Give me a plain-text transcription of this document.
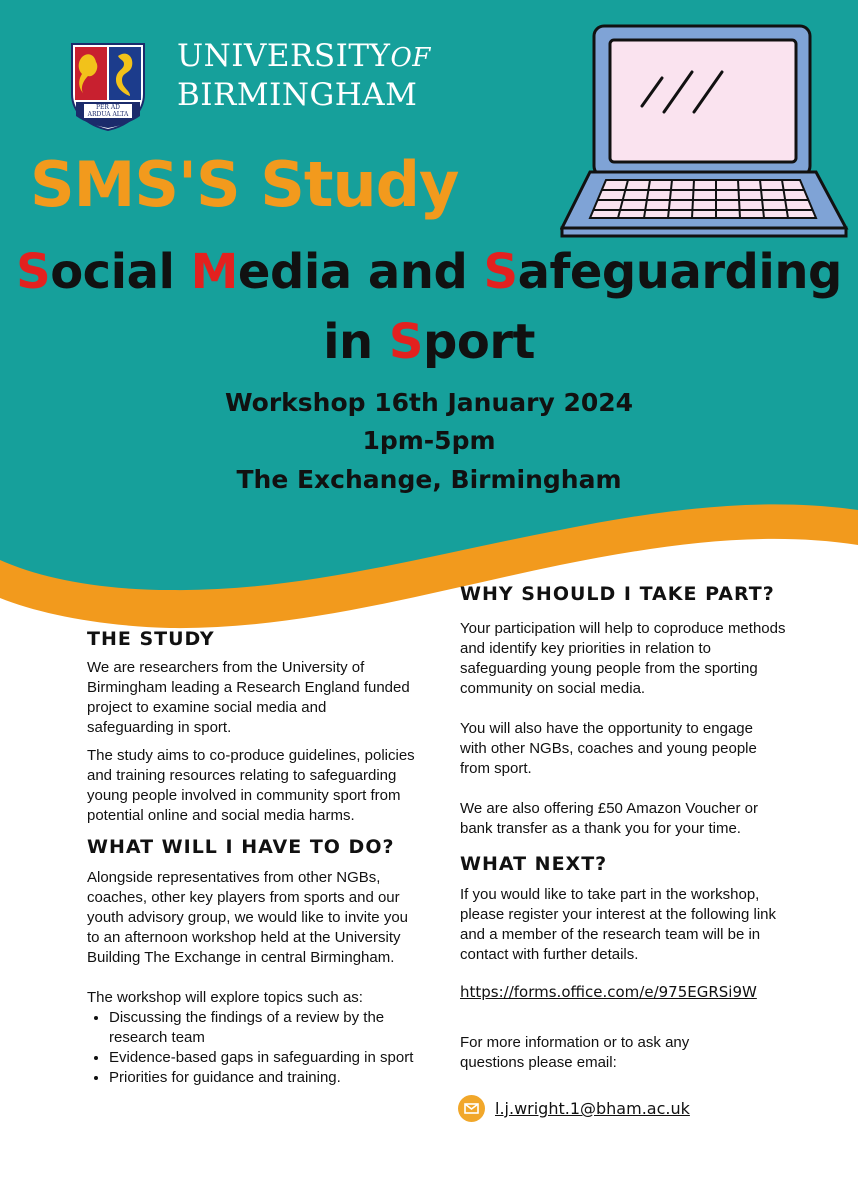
PER AD
ARDUA ALTA
UNIVERSITYOF
BIRMINGHAM
SMS'S Study
Social Media and Safeguarding
in Sport
Workshop 16th January 2024
1pm-5pm
The Exchange, Birmingham
THE STUDY

We are researchers from the University of Birmingham leading a Research England funded project to examine social media and safeguarding in sport.

The study aims to co-produce guidelines, policies and training resources relating to safeguarding young people involved in community sport from potential online and social media harms.

WHAT WILL I HAVE TO DO?

Alongside representatives from other NGBs, coaches, other key players from sports and our youth advisory group, we would like to invite you to an afternoon workshop held at the University Building The Exchange in central Birmingham.

The workshop will explore topics such as:

• Discussing the findings of a review by the research team
• Evidence-based gaps in safeguarding in sport
• Priorities for guidance and training.
WHY SHOULD I TAKE PART?

Your participation will help to coproduce methods and identify key priorities in relation to safeguarding young people from the sporting community on social media.

You will also have the opportunity to engage with other NGBs, coaches and young people from sport.

We are also offering £50 Amazon Voucher or bank transfer as a thank you for your time.

WHAT NEXT?

If you would like to take part in the workshop, please register your interest at the following link and a member of the research team will be in contact with further details.

https://forms.office.com/e/975EGRSi9W

For more information or to ask any questions please email:

l.j.wright.1@bham.ac.uk
